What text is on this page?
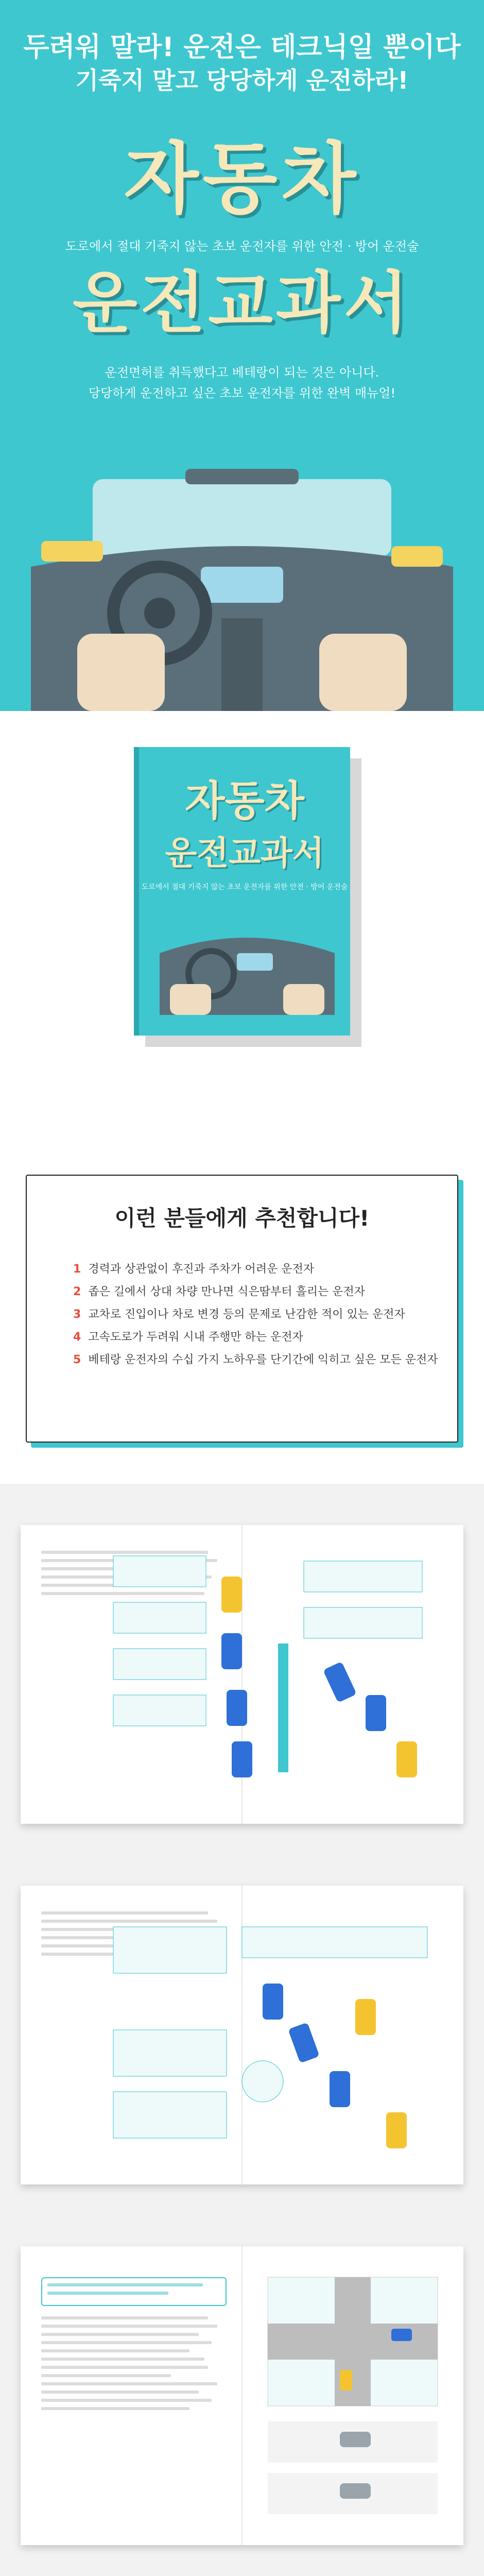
두려워 말라! 운전은 테크닉일 뿐이다
기죽지 말고 당당하게 운전하라!
자동차
도로에서 절대 기죽지 않는 초보 운전자를 위한 안전 · 방어 운전술
운전교과서
운전면허를 취득했다고 베테랑이 되는 것은 아니다.
당당하게 운전하고 싶은 초보 운전자를 위한 완벽 매뉴얼!
자동차
운전교과서
도로에서 절대 기죽지 않는 초보 운전자를 위한 안전 · 방어 운전술
이런 분들에게 추천합니다!
1 경력과 상관없이 후진과 주차가 어려운 운전자
2 좁은 길에서 상대 차량 만나면 식은땀부터 흘리는 운전자
3 교차로 진입이나 차로 변경 등의 문제로 난감한 적이 있는 운전자
4 고속도로가 두려워 시내 주행만 하는 운전자
5 베테랑 운전자의 수십 가지 노하우를 단기간에 익히고 싶은 모든 운전자
